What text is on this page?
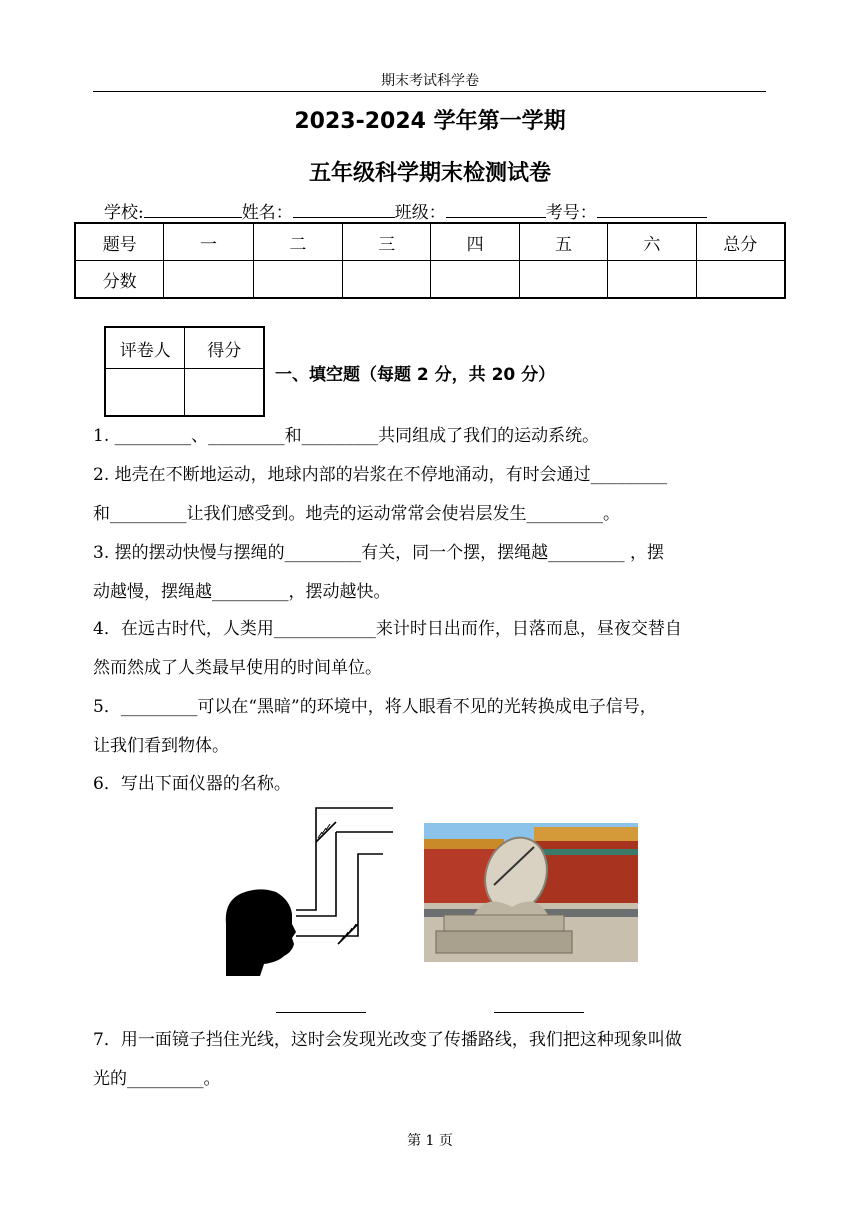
期末考试科学卷
2023-2024 学年第一学期
五年级科学期末检测试卷
学校:	姓名：	班级：	考号：
题号	一	二	三	四	五	六	总分
分数							
评卷人	得分

一、填空题（每题 2 分，共 20 分）
1. _________、_________和_________共同组成了我们的运动系统。
2. 地壳在不断地运动，地球内部的岩浆在不停地涌动，有时会通过_________
和_________让我们感受到。地壳的运动常常会使岩层发生_________。
3. 摆的摆动快慢与摆绳的_________有关，同一个摆，摆绳越_________ ，摆
动越慢，摆绳越_________，摆动越快。
4．在远古时代，人类用____________来计时日出而作，日落而息，昼夜交替自
然而然成了人类最早使用的时间单位。
5．_________可以在“黑暗”的环境中，将人眼看不见的光转换成电子信号，
让我们看到物体。
6．写出下面仪器的名称。
7．用一面镜子挡住光线，这时会发现光改变了传播路线，我们把这种现象叫做
光的_________。
第 1 页
